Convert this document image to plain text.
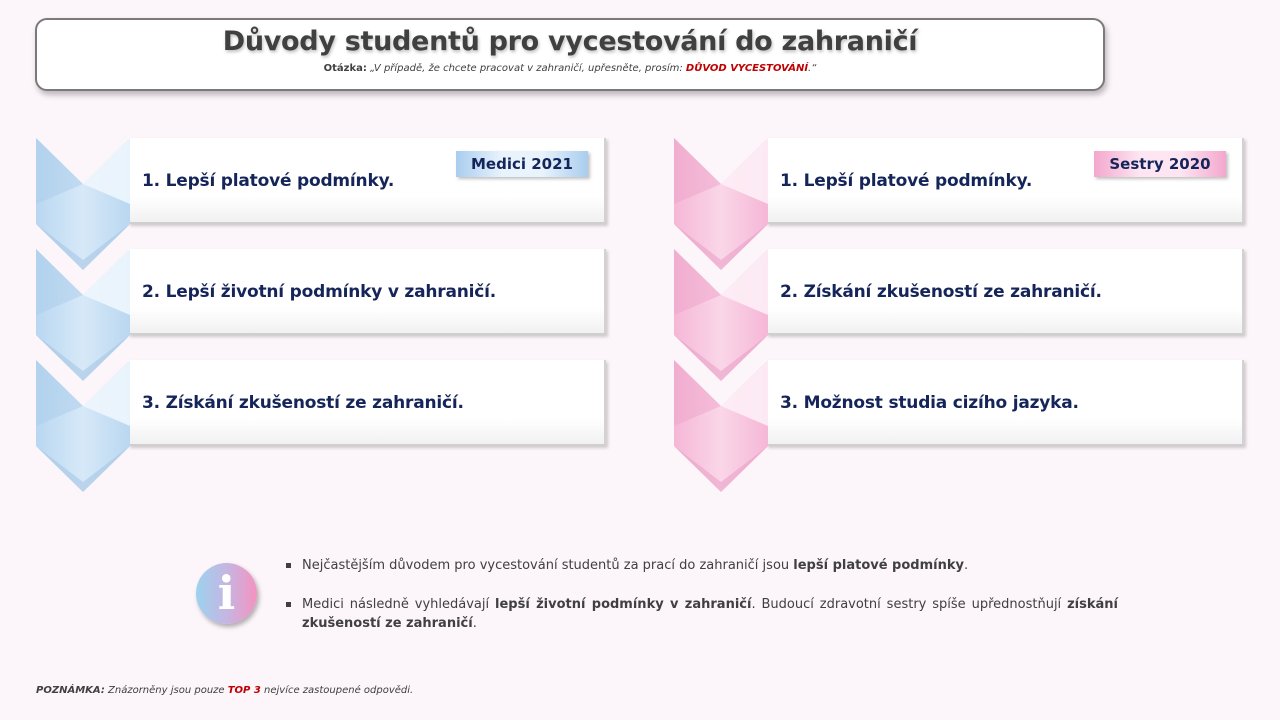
Důvody studentů pro vycestování do zahraničí
Otázka: „V případě, že chcete pracovat v zahraničí, upřesněte, prosím: DŮVOD VYCESTOVÁNÍ.“
Medici 2021
1. Lepší platové podmínky.
2. Lepší životní podmínky v zahraničí.
3. Získání zkušeností ze zahraničí.
Sestry 2020
1. Lepší platové podmínky.
2. Získání zkušeností ze zahraničí.
3. Možnost studia cizího jazyka.
i
Nejčastějším důvodem pro vycestování studentů za prací do zahraničí jsou lepší platové podmínky.
Medici následně vyhledávají lepší životní podmínky v zahraničí. Budoucí zdravotní sestry spíše upřednostňují získání zkušeností ze zahraničí.
POZNÁMKA: Znázorněny jsou pouze TOP 3 nejvíce zastoupené odpovědi.
